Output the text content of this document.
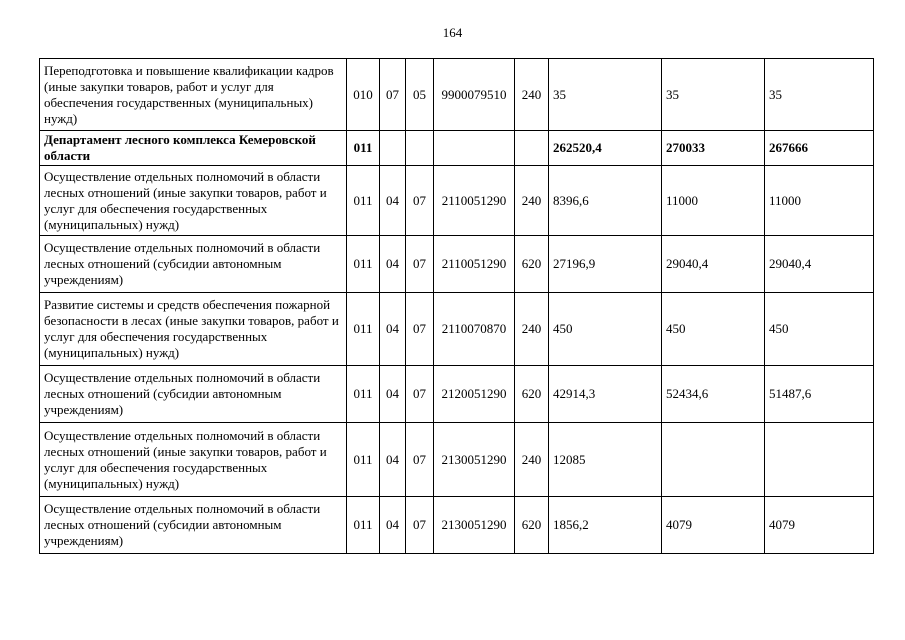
164
Переподготовка и повышение квалификации кадров (иные закупки товаров, работ и услуг для обеспечения государственных (муниципальных) нужд)	010	07	05	9900079510	240	35	35	35
Департамент лесного комплекса Кемеровской области	011					262520,4	270033	267666
Осуществление отдельных полномочий в области лесных отношений (иные закупки товаров, работ и услуг для обеспечения государственных (муниципальных) нужд)	011	04	07	2110051290	240	8396,6	11000	11000
Осуществление отдельных полномочий в области лесных отношений (субсидии автономным учреждениям)	011	04	07	2110051290	620	27196,9	29040,4	29040,4
Развитие системы и средств обеспечения пожарной безопасности в лесах (иные закупки товаров, работ и услуг для обеспечения государственных (муниципальных) нужд)	011	04	07	2110070870	240	450	450	450
Осуществление отдельных полномочий в области лесных отношений (субсидии автономным учреждениям)	011	04	07	2120051290	620	42914,3	52434,6	51487,6
Осуществление отдельных полномочий в области лесных отношений (иные закупки товаров, работ и услуг для обеспечения государственных (муниципальных) нужд)	011	04	07	2130051290	240	12085		
Осуществление отдельных полномочий в области лесных отношений (субсидии автономным учреждениям)	011	04	07	2130051290	620	1856,2	4079	4079
